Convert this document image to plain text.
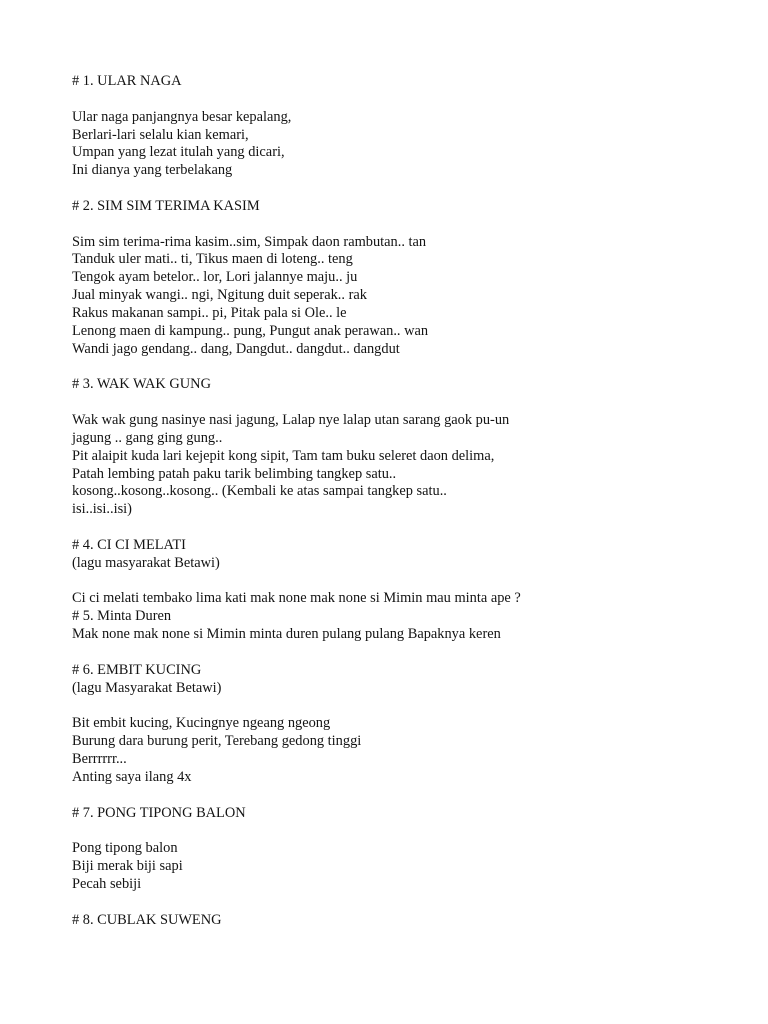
# 1. ULAR NAGA
Ular naga panjangnya besar kepalang,
Berlari-lari selalu kian kemari,
Umpan yang lezat itulah yang dicari,
Ini dianya yang terbelakang
# 2. SIM SIM TERIMA KASIM
Sim sim terima-rima kasim..sim, Simpak daon rambutan.. tan
Tanduk uler mati.. ti, Tikus maen di loteng.. teng
Tengok ayam betelor.. lor, Lori jalannye maju.. ju
Jual minyak wangi.. ngi, Ngitung duit seperak.. rak
Rakus makanan sampi.. pi, Pitak pala si Ole.. le
Lenong maen di kampung.. pung, Pungut anak perawan.. wan
Wandi jago gendang.. dang, Dangdut.. dangdut.. dangdut
# 3. WAK WAK GUNG
Wak wak gung nasinye nasi jagung, Lalap nye lalap utan sarang gaok pu-un
jagung .. gang ging gung..
Pit alaipit kuda lari kejepit kong sipit, Tam tam buku seleret daon delima,
Patah lembing patah paku tarik belimbing tangkep satu..
kosong..kosong..kosong.. (Kembali ke atas sampai tangkep satu..
isi..isi..isi)
# 4. CI CI MELATI
(lagu masyarakat Betawi)
Ci ci melati tembako lima kati mak none mak none si Mimin mau minta ape ?
# 5. Minta Duren
Mak none mak none si Mimin minta duren pulang pulang Bapaknya keren
# 6. EMBIT KUCING
(lagu Masyarakat Betawi)
Bit embit kucing, Kucingnye ngeang ngeong
Burung dara burung perit, Terebang gedong tinggi
Berrrrrr...
Anting saya ilang 4x
# 7. PONG TIPONG BALON
Pong tipong balon
Biji merak biji sapi
Pecah sebiji
# 8. CUBLAK SUWENG
